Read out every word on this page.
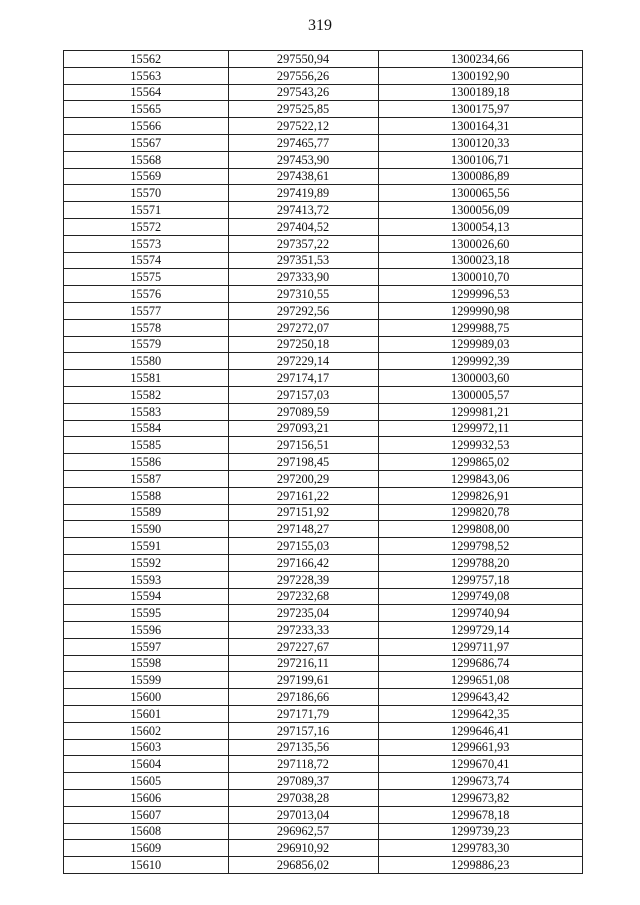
319
15562	297550,94	1300234,66
15563	297556,26	1300192,90
15564	297543,26	1300189,18
15565	297525,85	1300175,97
15566	297522,12	1300164,31
15567	297465,77	1300120,33
15568	297453,90	1300106,71
15569	297438,61	1300086,89
15570	297419,89	1300065,56
15571	297413,72	1300056,09
15572	297404,52	1300054,13
15573	297357,22	1300026,60
15574	297351,53	1300023,18
15575	297333,90	1300010,70
15576	297310,55	1299996,53
15577	297292,56	1299990,98
15578	297272,07	1299988,75
15579	297250,18	1299989,03
15580	297229,14	1299992,39
15581	297174,17	1300003,60
15582	297157,03	1300005,57
15583	297089,59	1299981,21
15584	297093,21	1299972,11
15585	297156,51	1299932,53
15586	297198,45	1299865,02
15587	297200,29	1299843,06
15588	297161,22	1299826,91
15589	297151,92	1299820,78
15590	297148,27	1299808,00
15591	297155,03	1299798,52
15592	297166,42	1299788,20
15593	297228,39	1299757,18
15594	297232,68	1299749,08
15595	297235,04	1299740,94
15596	297233,33	1299729,14
15597	297227,67	1299711,97
15598	297216,11	1299686,74
15599	297199,61	1299651,08
15600	297186,66	1299643,42
15601	297171,79	1299642,35
15602	297157,16	1299646,41
15603	297135,56	1299661,93
15604	297118,72	1299670,41
15605	297089,37	1299673,74
15606	297038,28	1299673,82
15607	297013,04	1299678,18
15608	296962,57	1299739,23
15609	296910,92	1299783,30
15610	296856,02	1299886,23
